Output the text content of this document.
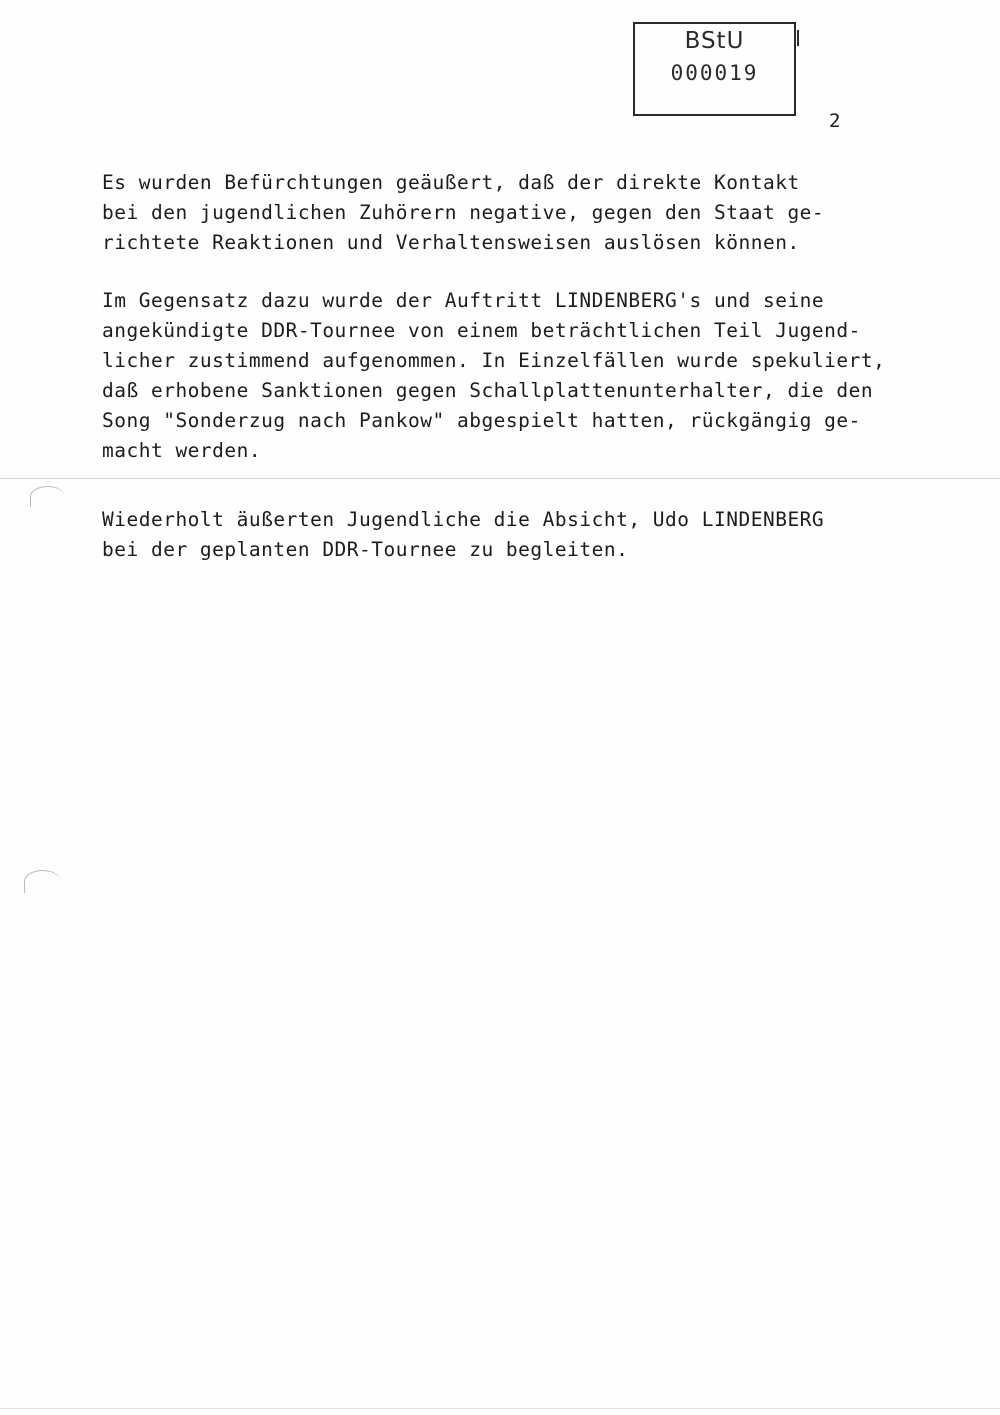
BStU
000019
2

Es wurden Befürchtungen geäußert, daß der direkte Kontakt
bei den jugendlichen Zuhörern negative, gegen den Staat ge-
richtete Reaktionen und Verhaltensweisen auslösen können.

Im Gegensatz dazu wurde der Auftritt LINDENBERG's und seine
angekündigte DDR-Tournee von einem beträchtlichen Teil Jugend-
licher zustimmend aufgenommen. In Einzelfällen wurde spekuliert,
daß erhobene Sanktionen gegen Schallplattenunterhalter, die den
Song "Sonderzug nach Pankow" abgespielt hatten, rückgängig ge-
macht werden.

Wiederholt äußerten Jugendliche die Absicht, Udo LINDENBERG
bei der geplanten DDR-Tournee zu begleiten.
